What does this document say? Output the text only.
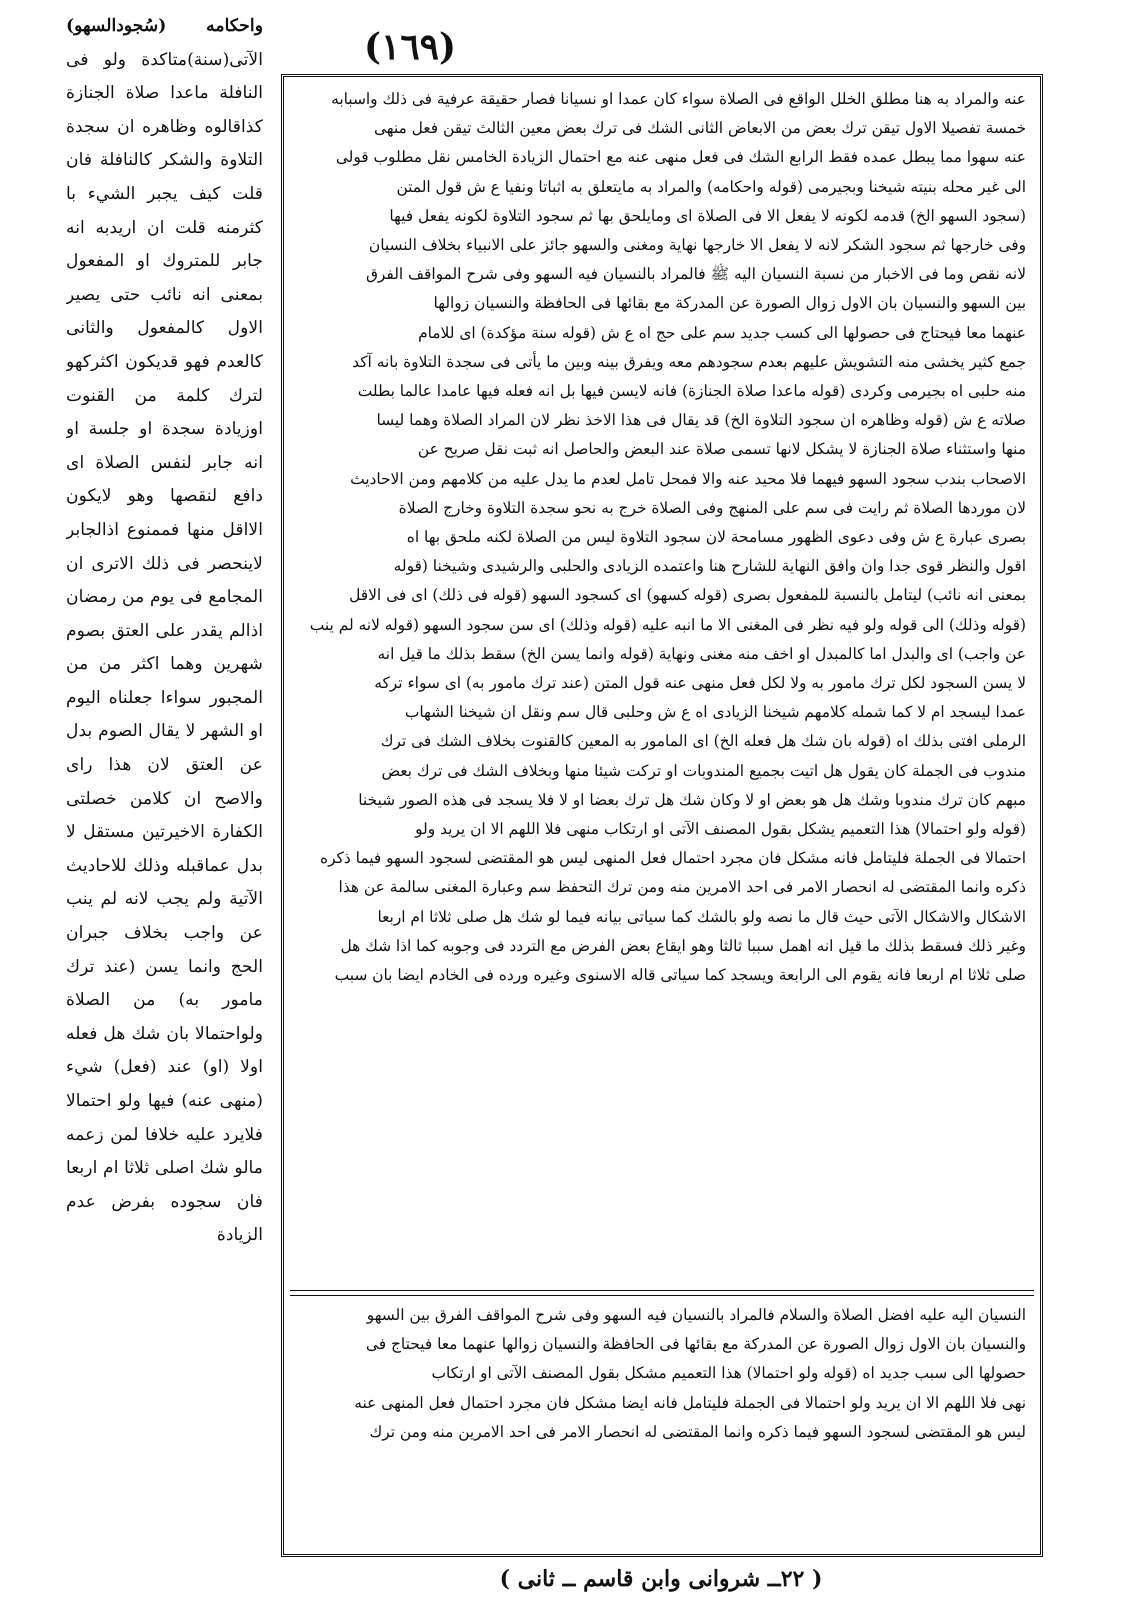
(١٦٩)
واحكامه (سُجودالسهو) الآتى(سنة)متاكدة ولو فى النافلة ماعدا صلاة الجنازة كذاقالوه وظاهره ان سجدة التلاوة والشكر كالنافلة فان قلت كيف يجبر الشيء با كثرمنه قلت ان اريدبه انه جابر للمتروك او المفعول بمعنى انه نائب حتى يصير الاول كالمفعول والثانى كالعدم فهو قديكون اكثركهو لترك كلمة من القنوت اوزيادة سجدة او جلسة او انه جابر لنفس الصلاة اى دافع لنقصها وهو لايكون الااقل منها فممنوع اذالجابر لاينحصر فى ذلك الاترى ان المجامع فى يوم من رمضان اذالم يقدر على العتق بصوم شهرين وهما اكثر من من المجبور سواءا جعلناه اليوم او الشهر لا يقال الصوم بدل عن العتق لان هذا راى والاصح ان كلامن خصلتى الكفارة الاخيرتين مستقل لا بدل عماقبله وذلك للاحاديث الآتية ولم يجب لانه لم ينب عن واجب بخلاف جبران الحج وانما يسن (عند ترك مامور به) من الصلاة ولواحتمالا بان شك هل فعله اولا (او) عند (فعل) شيء (منهى عنه) فيها ولو احتمالا فلايرد عليه خلافا لمن زعمه مالو شك اصلى ثلاثا ام اربعا فان سجوده بفرض عدم الزيادة
عنه والمراد به هنا مطلق الخلل الواقع فى الصلاة سواء كان عمدا او نسيانا فصار حقيقة عرفية فى ذلك واسبابه
خمسة تفصيلا الاول تيقن ترك بعض من الابعاض الثانى الشك فى ترك بعض معين الثالث تيقن فعل منهى
عنه سهوا مما يبطل عمده فقط الرابع الشك فى فعل منهى عنه مع احتمال الزيادة الخامس نقل مطلوب قولى
الى غير محله بنيته شيخنا وبجيرمى (قوله واحكامه) والمراد به مايتعلق به اثباتا ونفيا ع ش قول المتن
(سجود السهو الخ) قدمه لكونه لا يفعل الا فى الصلاة اى ومايلحق بها ثم سجود التلاوة لكونه يفعل فيها
وفى خارجها ثم سجود الشكر لانه لا يفعل الا خارجها نهاية ومغنى والسهو جائز على الانبياء بخلاف النسيان
لانه نقص وما فى الاخبار من نسبة النسيان اليه ﷺ فالمراد بالنسيان فيه السهو وفى شرح المواقف الفرق
بين السهو والنسيان بان الاول زوال الصورة عن المدركة مع بقائها فى الحافظة والنسيان زوالها
عنهما معا فيحتاج فى حصولها الى كسب جديد سم على حج اه ع ش (قوله سنة مؤكدة) اى للامام
جمع كثير يخشى منه التشويش عليهم بعدم سجودهم معه ويفرق بينه وبين ما يأتى فى سجدة التلاوة بانه آكد
منه حلبى اه بجيرمى وكردى (قوله ماعدا صلاة الجنازة) فانه لايسن فيها بل انه فعله فيها عامدا عالما بطلت
صلاته ع ش (قوله وظاهره ان سجود التلاوة الخ) قد يقال فى هذا الاخذ نظر لان المراد الصلاة وهما ليسا
منها واستثناء صلاة الجنازة لا يشكل لانها تسمى صلاة عند البعض والحاصل انه ثبت نقل صريح عن
الاصحاب بندب سجود السهو فيهما فلا محيد عنه والا فمحل تامل لعدم ما يدل عليه من كلامهم ومن الاحاديث
لان موردها الصلاة ثم رايت فى سم على المنهج وفى الصلاة خرج به نحو سجدة التلاوة وخارج الصلاة
بصرى عبارة ع ش وفى دعوى الظهور مسامحة لان سجود التلاوة ليس من الصلاة لكنه ملحق بها اه
اقول والنظر قوى جدا وان وافق النهاية للشارح هنا واعتمده الزيادى والحلبى والرشيدى وشيخنا (قوله
بمعنى انه نائب) ليتامل بالنسبة للمفعول بصرى (قوله كسهو) اى كسجود السهو (قوله فى ذلك) اى فى الاقل
(قوله وذلك) الى قوله ولو فيه نظر فى المغنى الا ما انبه عليه (قوله وذلك) اى سن سجود السهو (قوله لانه لم ينب
عن واجب) اى والبدل اما كالمبدل او اخف منه مغنى ونهاية (قوله وانما يسن الخ) سقط بذلك ما قيل انه
لا يسن السجود لكل ترك مامور به ولا لكل فعل منهى عنه قول المتن (عند ترك مامور به) اى سواء تركه
عمدا ليسجد ام لا كما شمله كلامهم شيخنا الزيادى اه ع ش وحلبى قال سم ونقل ان شيخنا الشهاب
الرملى افتى بذلك اه (قوله بان شك هل فعله الخ) اى المامور به المعين كالقنوت بخلاف الشك فى ترك
مندوب فى الجملة كان يقول هل اتيت بجميع المندوبات او تركت شيئا منها وبخلاف الشك فى ترك بعض
مبهم كان ترك مندوبا وشك هل هو بعض او لا وكان شك هل ترك بعضا او لا فلا يسجد فى هذه الصور شيخنا
(قوله ولو احتمالا) هذا التعميم يشكل بقول المصنف الآتى او ارتكاب منهى فلا اللهم الا ان يريد ولو
احتمالا فى الجملة فليتامل فانه مشكل فان مجرد احتمال فعل المنهى ليس هو المقتضى لسجود السهو فيما ذكره
ذكره وانما المقتضى له انحصار الامر فى احد الامرين منه ومن ترك التحفظ سم وعبارة المغنى سالمة عن هذا
الاشكال والاشكال الآتى حيث قال ما نصه ولو بالشك كما سياتى بيانه فيما لو شك هل صلى ثلاثا ام اربعا
وغير ذلك فسقط بذلك ما قيل انه اهمل سببا ثالثا وهو ايقاع بعض الفرض مع التردد فى وجوبه كما اذا شك هل
صلى ثلاثا ام اربعا فانه يقوم الى الرابعة ويسجد كما سياتى قاله الاسنوى وغيره ورده فى الخادم ايضا بان سبب
النسيان اليه عليه افضل الصلاة والسلام فالمراد بالنسيان فيه السهو وفى شرح المواقف الفرق بين السهو
والنسيان بان الاول زوال الصورة عن المدركة مع بقائها فى الحافظة والنسيان زوالها عنهما معا فيحتاج فى
حصولها الى سبب جديد اه (قوله ولو احتمالا) هذا التعميم مشكل بقول المصنف الآتى او ارتكاب
نهى فلا اللهم الا ان يريد ولو احتمالا فى الجملة فليتامل فانه ايضا مشكل فان مجرد احتمال فعل المنهى عنه
ليس هو المقتضى لسجود السهو فيما ذكره وانما المقتضى له انحصار الامر فى احد الامرين منه ومن ترك
( ٢٢ــ شروانى وابن قاسم ــ ثانى )
